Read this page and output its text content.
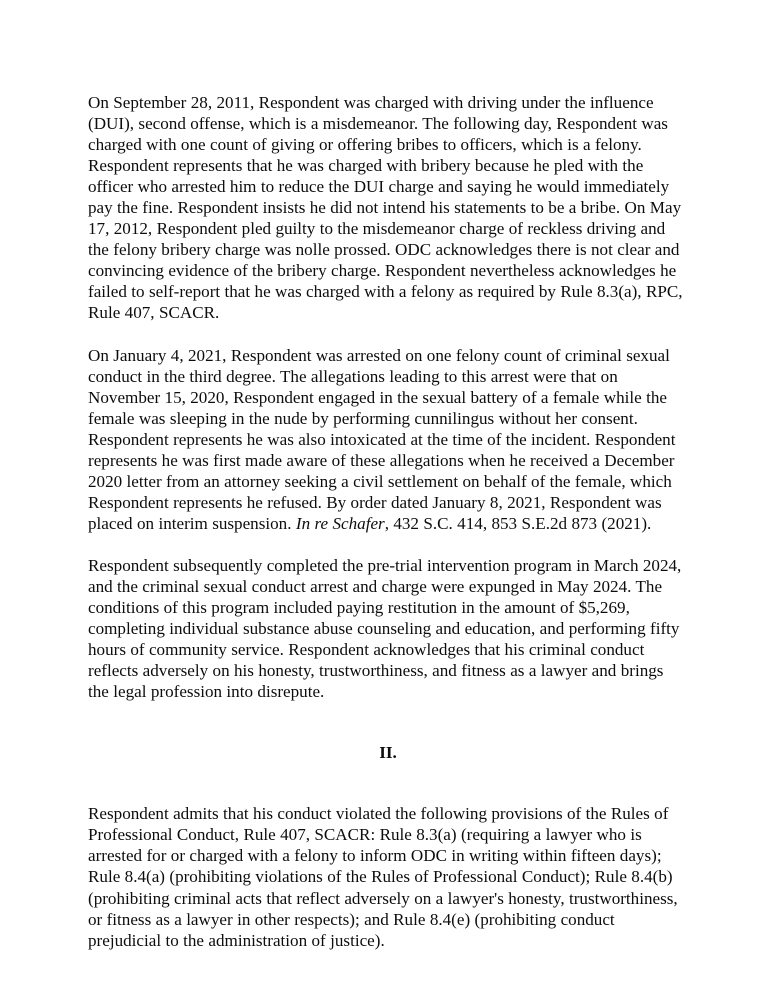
On September 28, 2011, Respondent was charged with driving under the influence (DUI), second offense, which is a misdemeanor. The following day, Respondent was charged with one count of giving or offering bribes to officers, which is a felony. Respondent represents that he was charged with bribery because he pled with the officer who arrested him to reduce the DUI charge and saying he would immediately pay the fine. Respondent insists he did not intend his statements to be a bribe. On May 17, 2012, Respondent pled guilty to the misdemeanor charge of reckless driving and the felony bribery charge was nolle prossed. ODC acknowledges there is not clear and convincing evidence of the bribery charge. Respondent nevertheless acknowledges he failed to self-report that he was charged with a felony as required by Rule 8.3(a), RPC, Rule 407, SCACR.

On January 4, 2021, Respondent was arrested on one felony count of criminal sexual conduct in the third degree. The allegations leading to this arrest were that on November 15, 2020, Respondent engaged in the sexual battery of a female while the female was sleeping in the nude by performing cunnilingus without her consent. Respondent represents he was also intoxicated at the time of the incident. Respondent represents he was first made aware of these allegations when he received a December 2020 letter from an attorney seeking a civil settlement on behalf of the female, which Respondent represents he refused. By order dated January 8, 2021, Respondent was placed on interim suspension. In re Schafer, 432 S.C. 414, 853 S.E.2d 873 (2021).

Respondent subsequently completed the pre-trial intervention program in March 2024, and the criminal sexual conduct arrest and charge were expunged in May 2024. The conditions of this program included paying restitution in the amount of $5,269, completing individual substance abuse counseling and education, and performing fifty hours of community service. Respondent acknowledges that his criminal conduct reflects adversely on his honesty, trustworthiness, and fitness as a lawyer and brings the legal profession into disrepute.

II.

Respondent admits that his conduct violated the following provisions of the Rules of Professional Conduct, Rule 407, SCACR: Rule 8.3(a) (requiring a lawyer who is arrested for or charged with a felony to inform ODC in writing within fifteen days); Rule 8.4(a) (prohibiting violations of the Rules of Professional Conduct); Rule 8.4(b) (prohibiting criminal acts that reflect adversely on a lawyer's honesty, trustworthiness, or fitness as a lawyer in other respects); and Rule 8.4(e) (prohibiting conduct prejudicial to the administration of justice).
